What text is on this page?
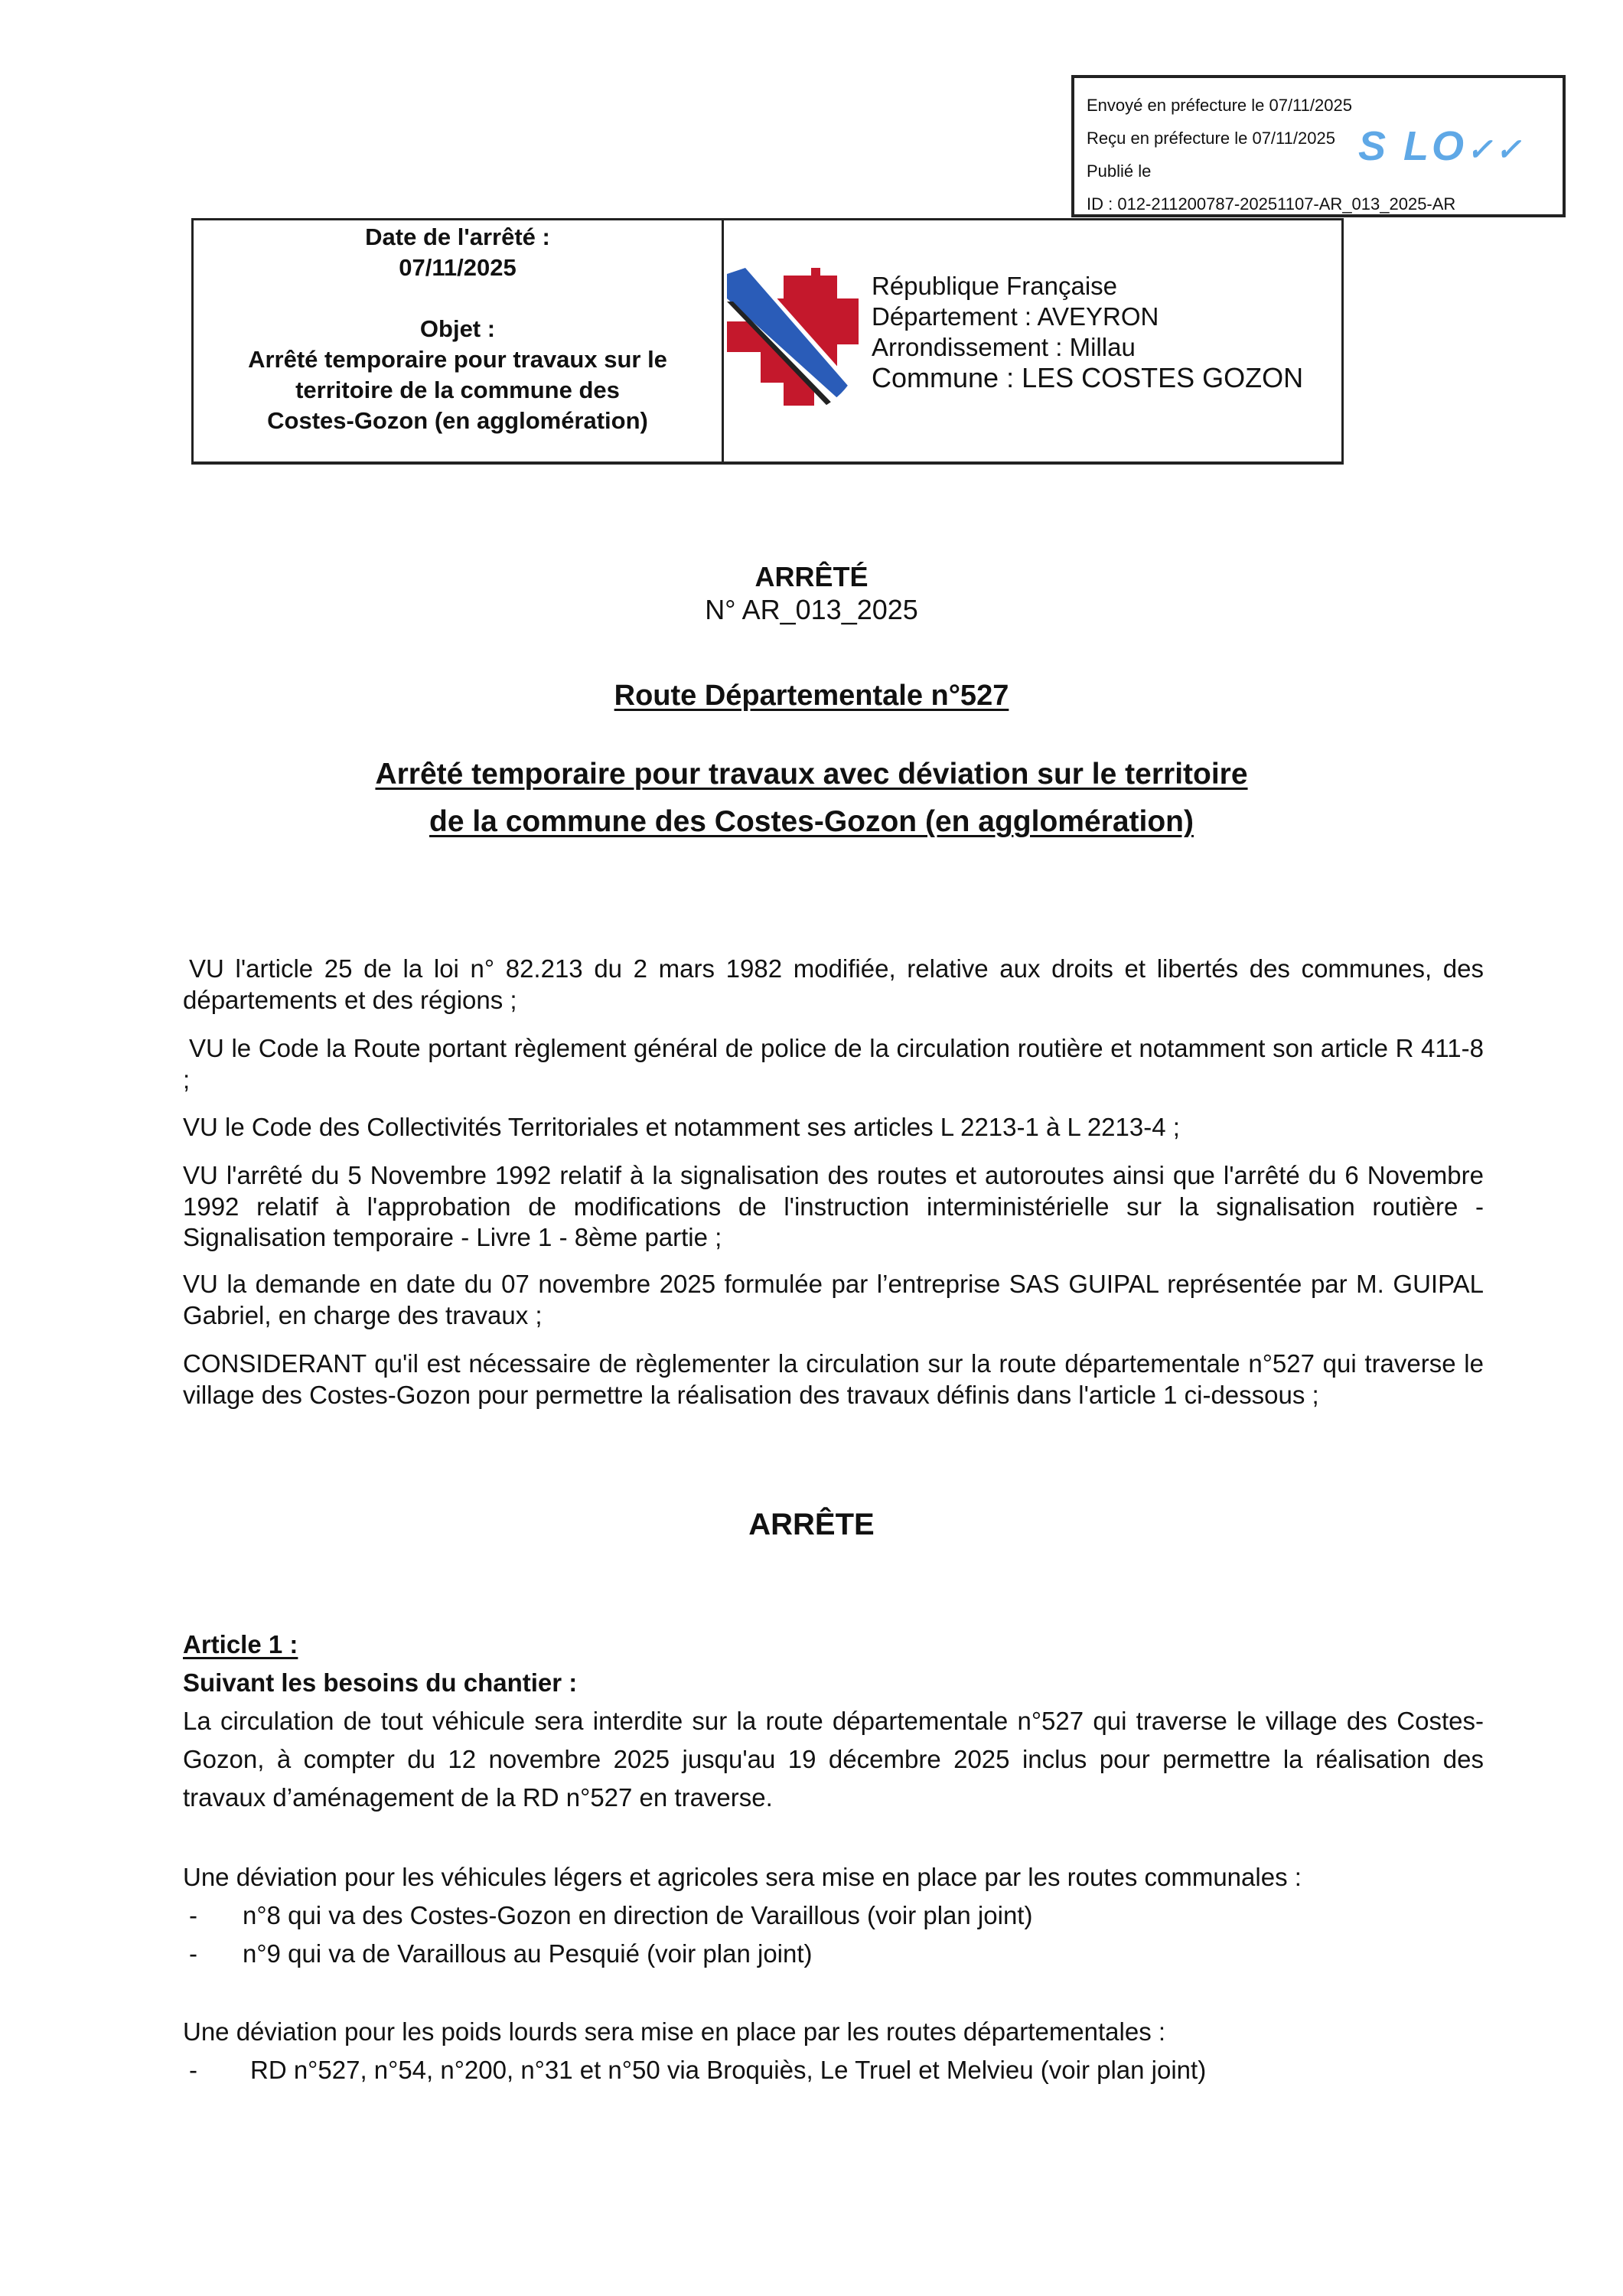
Envoyé en préfecture le 07/11/2025
Reçu en préfecture le 07/11/2025
Publié le
ID : 012-211200787-20251107-AR_013_2025-AR
S LO✓✓
Date de l'arrêté :
07/11/2025
Objet :
Arrêté temporaire pour travaux sur le
territoire de la commune des
Costes-Gozon (en agglomération)
République Française
Département : AVEYRON
Arrondissement : Millau
Commune : LES COSTES GOZON
ARRÊTÉ
N° AR_013_2025
Route Départementale n°527
Arrêté temporaire pour travaux avec déviation sur le territoire
de la commune des Costes-Gozon (en agglomération)
VU l'article 25 de la loi n° 82.213 du 2 mars 1982 modifiée, relative aux droits et libertés des communes, des départements et des régions ;
VU le Code la Route portant règlement général de police de la circulation routière et notamment son article R 411-8 ;
VU le Code des Collectivités Territoriales et notamment ses articles L 2213-1 à L 2213-4 ;
VU l'arrêté du 5 Novembre 1992 relatif à la signalisation des routes et autoroutes ainsi que l'arrêté du 6 Novembre 1992 relatif à l'approbation de modifications de l'instruction interministérielle sur la signalisation routière - Signalisation temporaire - Livre 1 - 8ème partie ;
VU la demande en date du 07 novembre 2025 formulée par l’entreprise SAS GUIPAL représentée par M. GUIPAL Gabriel, en charge des travaux ;
CONSIDERANT qu'il est nécessaire de règlementer la circulation sur la route départementale n°527 qui traverse le village des Costes-Gozon pour permettre la réalisation des travaux définis dans l'article 1 ci-dessous ;
ARRÊTE
Article 1 :
Suivant les besoins du chantier :
La circulation de tout véhicule sera interdite sur la route départementale n°527 qui traverse le village des Costes-Gozon, à compter du 12 novembre 2025 jusqu'au 19 décembre 2025 inclus pour permettre la réalisation des travaux d’aménagement de la RD n°527 en traverse.
Une déviation pour les véhicules légers et agricoles sera mise en place par les routes communales :
- n°8 qui va des Costes-Gozon en direction de Varaillous (voir plan joint)
- n°9 qui va de Varaillous au Pesquié (voir plan joint)
Une déviation pour les poids lourds sera mise en place par les routes départementales :
- RD n°527, n°54, n°200, n°31 et n°50 via Broquiès, Le Truel et Melvieu (voir plan joint)
